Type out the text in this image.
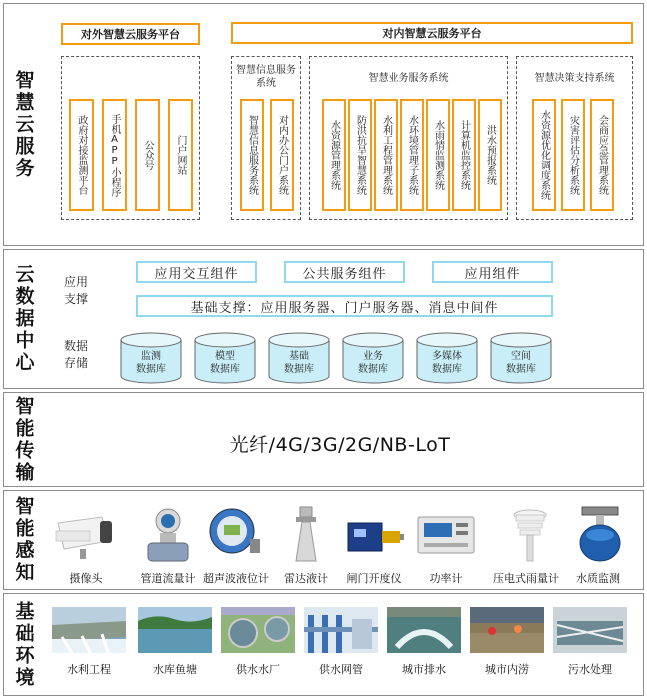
智慧云服务
对外智慧云服务平台	对内智慧云服务平台
智慧信息服务系统	智慧业务服务系统	智慧决策支持系统
政府对接监测平台 手机APP小程序 公众号 门户网站	智慧信息服务系统 对内办公门户系统	水资源管理系统 防洪抗旱智慧系统 水利工程管理系统 水环境管理子系统 水雨情监测系统 计算机监控系统 洪水预报系统	水资源优化调度系统 灾害评估分析系统 会商应急管理系统
云数据中心 应用支撑
数据存储
应用交互组件	公共服务组件	应用组件
基础支撑：应用服务器、门户服务器、消息中间件
监测
数据库
模型
数据库
基础
数据库
业务
数据库
多媒体
数据库
空间
数据库
智能传输	光纤/4G/3G/2G/NB-LoT
智能感知	摄像头	管道流量计 超声波液位计	雷达液计	闸门开度仪	功率计	压电式雨量计	水质监测
基础环境	水利工程	水库鱼塘	供水水厂	供水网管	城市排水	城市内涝	污水处理
